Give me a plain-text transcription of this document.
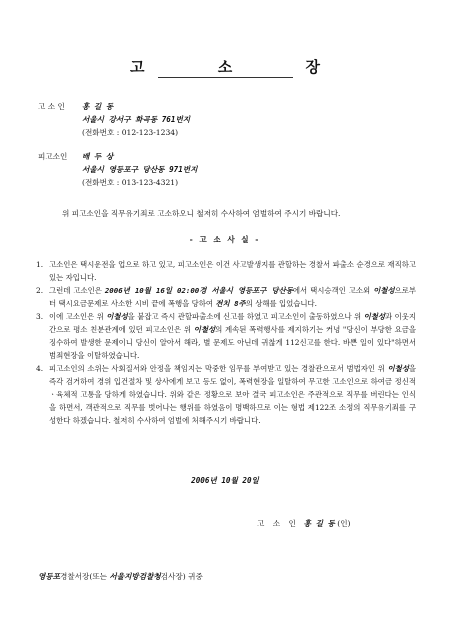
고 소 장
고 소 인 홍 길 동
서울시 강서구 화곡동 761번지
(전화번호 : 012-123-1234)
피고소인 배 두 상
서울시 영등포구 당산동 971번지
(전화번호 : 013-123-4321)
위 피고소인을 직무유기죄로 고소하오니 철저히 수사하여 엄벌하여 주시기 바랍니다.
- 고 소 사 실 -
1. 고소인은 택시운전을 업으로 하고 있고, 피고소인은 이건 사고발생지를 관할하는 경찰서 파출소 순경으로 재직하고 있는 자입니다.
2. 그런데 고소인은 2006년 10월 16일 02:00경 서울시 영등포구 당산동에서 택시승객인 고소외 이철성으로부터 택시요금문제로 사소한 시비 끝에 폭행을 당하여 전치 8주의 상해를 입었습니다.
3. 이에 고소인은 위 이철성을 붙잡고 즉시 관할파출소에 신고를 하였고 피고소인이 출동하였으나 위 이철성과 이웃지간으로 평소 친분관계에 있던 피고소인은 위 이철성의 계속된 폭력행사를 제지하기는 커녕 "당신이 부당한 요금을 징수하여 발생한 문제이니 당신이 알아서 해라, 별 문제도 아닌데 귀찮게 112신고를 한다. 바쁜 일이 있다"하면서 범죄현장을 이탈하였습니다.
4. 피고소인의 소위는 사회질서와 안정을 책임지는 막중한 임무를 부여받고 있는 경찰관으로서 범법자인 위 이철성을 즉각 검거하여 경위 입건절차 및 상사에게 보고 등도 없이, 폭력현장을 일탈하여 무고한 고소인으로 하여금 정신적ㆍ육체적 고통을 당하게 하였습니다. 위와 같은 정황으로 보아 결국 피고소인은 주관적으로 직무를 버린다는 인식을 하면서, 객관적으로 직무를 벗어나는 행위를 하였음이 명백하므로 이는 형법 제122조 소정의 직무유기죄를 구성한다 하겠습니다. 철저히 수사하여 엄벌에 처해주시기 바랍니다.
2006년 10월 20일
고 소 인 홍 길 동 (인)
영등포경찰서장(또는 서울지방검찰청검사장) 귀중
